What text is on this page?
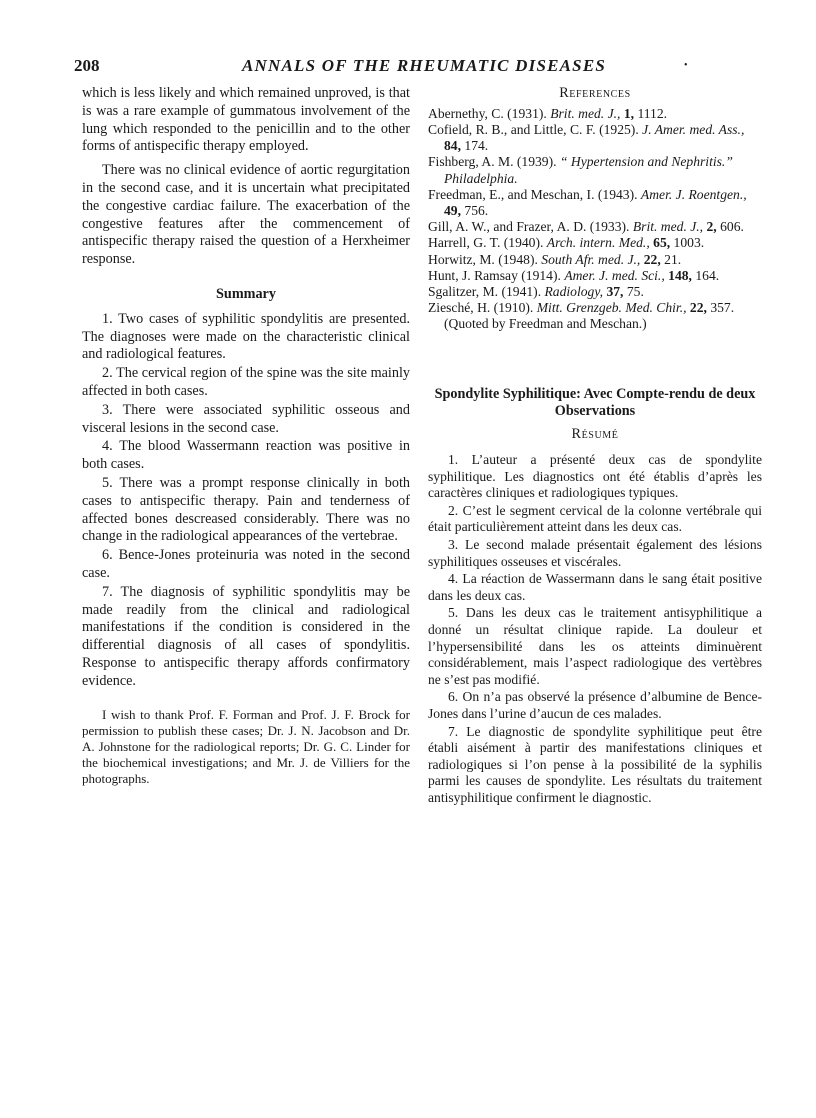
208	ANNALS OF THE RHEUMATIC DISEASES	•

which is less likely and which remained unproved, is that is was a rare example of gummatous involvement of the lung which responded to the penicillin and to the other forms of antispecific therapy employed.

There was no clinical evidence of aortic regurgitation in the second case, and it is uncertain what precipitated the congestive cardiac failure. The exacerbation of the congestive features after the commencement of antispecific therapy raised the question of a Herxheimer response.

Summary

1. Two cases of syphilitic spondylitis are presented. The diagnoses were made on the characteristic clinical and radiological features.

2. The cervical region of the spine was the site mainly affected in both cases.

3. There were associated syphilitic osseous and visceral lesions in the second case.

4. The blood Wassermann reaction was positive in both cases.

5. There was a prompt response clinically in both cases to antispecific therapy. Pain and tenderness of affected bones descreased considerably. There was no change in the radiological appearances of the vertebrae.

6. Bence-Jones proteinuria was noted in the second case.

7. The diagnosis of syphilitic spondylitis may be made readily from the clinical and radiological manifestations if the condition is considered in the differential diagnosis of all cases of spondylitis. Response to antispecific therapy affords confirmatory evidence.

I wish to thank Prof. F. Forman and Prof. J. F. Brock for permission to publish these cases; Dr. J. N. Jacobson and Dr. A. Johnstone for the radiological reports; Dr. G. C. Linder for the biochemical investigations; and Mr. J. de Villiers for the photographs.

References

Abernethy, C. (1931). Brit. med. J., 1, 1112.

Cofield, R. B., and Little, C. F. (1925). J. Amer. med. Ass., 84, 174.

Fishberg, A. M. (1939). “ Hypertension and Nephritis.” Philadelphia.

Freedman, E., and Meschan, I. (1943). Amer. J. Roentgen., 49, 756.

Gill, A. W., and Frazer, A. D. (1933). Brit. med. J., 2, 606.

Harrell, G. T. (1940). Arch. intern. Med., 65, 1003.

Horwitz, M. (1948). South Afr. med. J., 22, 21.

Hunt, J. Ramsay (1914). Amer. J. med. Sci., 148, 164.

Sgalitzer, M. (1941). Radiology, 37, 75.

Ziesché, H. (1910). Mitt. Grenzgeb. Med. Chir., 22, 357. (Quoted by Freedman and Meschan.)

Spondylite Syphilitique: Avec Compte-rendu de deux Observations
Résumé

1. L’auteur a présenté deux cas de spondylite syphilitique. Les diagnostics ont été établis d’après les caractères cliniques et radiologiques typiques.

2. C’est le segment cervical de la colonne vertébrale qui était particulièrement atteint dans les deux cas.

3. Le second malade présentait également des lésions syphilitiques osseuses et viscérales.

4. La réaction de Wassermann dans le sang était positive dans les deux cas.

5. Dans les deux cas le traitement antisyphilitique a donné un résultat clinique rapide. La douleur et l’hypersensibilité dans les os atteints diminuèrent considérablement, mais l’aspect radiologique des vertèbres ne s’est pas modifié.

6. On n’a pas observé la présence d’albumine de Bence-Jones dans l’urine d’aucun de ces malades.

7. Le diagnostic de spondylite syphilitique peut être établi aisément à partir des manifestations cliniques et radiologiques si l’on pense à la possibilité de la syphilis parmi les causes de spondylite. Les résultats du traitement antisyphilitique confirment le diagnostic.
